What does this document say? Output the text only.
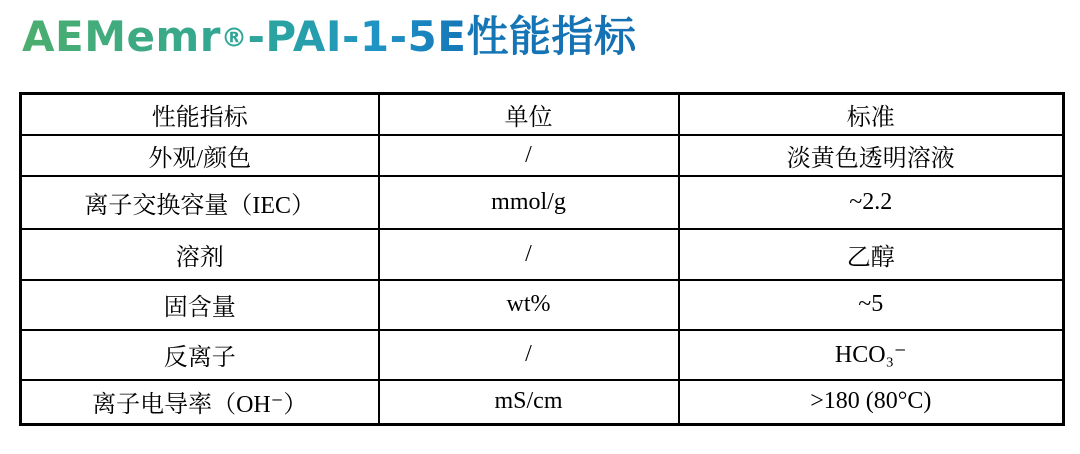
AEMemr®-PAI-1-5E性能指标
性能指标	单位	标准
外观/颜色	/	淡黄色透明溶液
离子交换容量（IEC）	mmol/g	~2.2
溶剂	/	乙醇
固含量	wt%	~5
反离子	/	HCO₃⁻
离子电导率（OH⁻）	mS/cm	>180 (80°C)
